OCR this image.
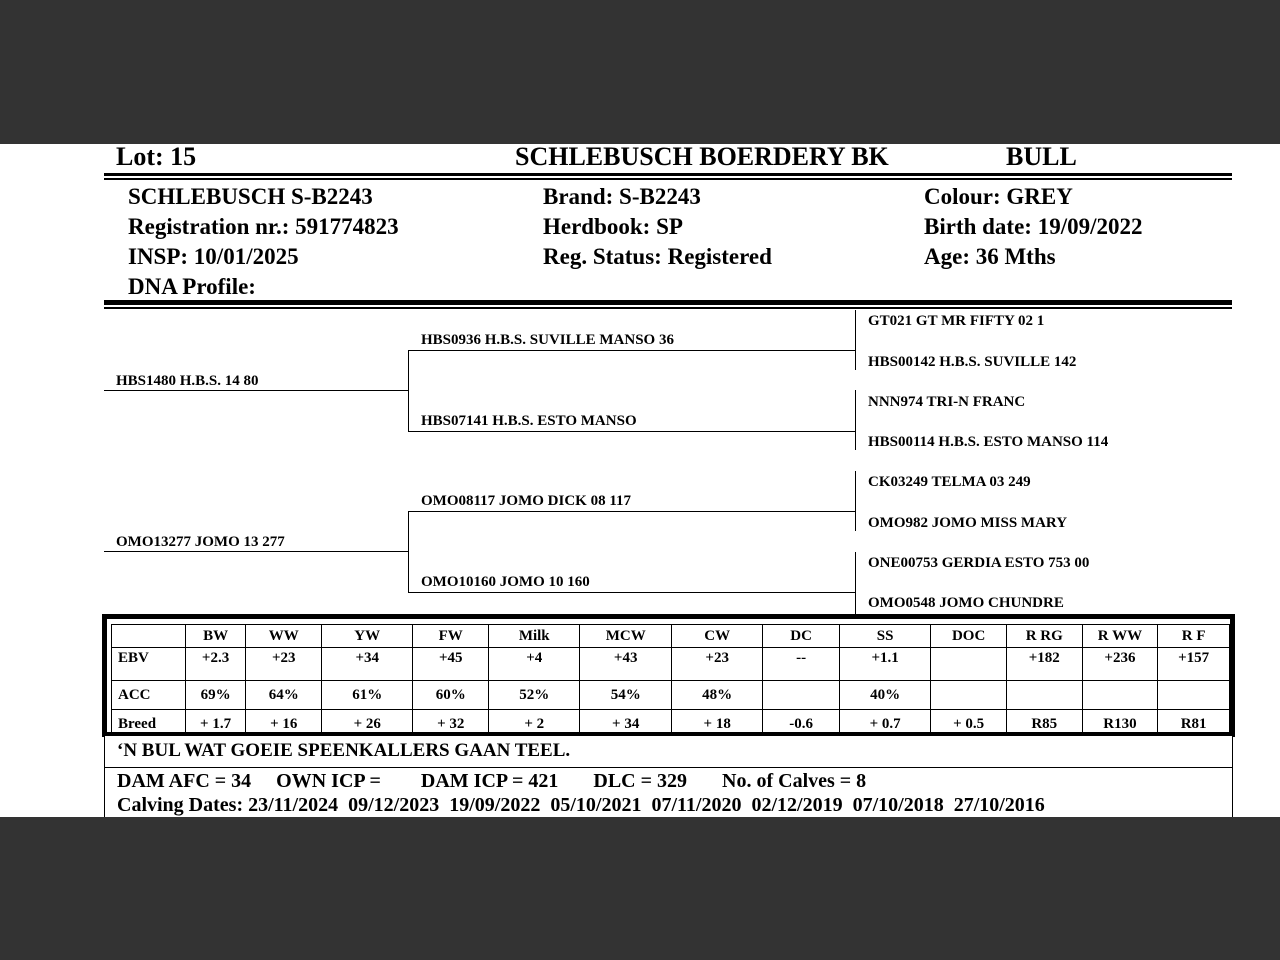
Lot: 15	SCHLEBUSCH BOERDERY BK	BULL
SCHLEBUSCH S-B2243
Registration nr.: 591774823
INSP: 10/01/2025
DNA Profile:
Brand: S-B2243
Herdbook: SP
Reg. Status: Registered
Colour: GREY
Birth date: 19/09/2022
Age: 36 Mths
HBS1480 H.B.S. 14 80
OMO13277 JOMO 13 277
HBS0936 H.B.S. SUVILLE MANSO 36
HBS07141 H.B.S. ESTO MANSO
OMO08117 JOMO DICK 08 117
OMO10160 JOMO 10 160
GT021 GT MR FIFTY 02 1
HBS00142 H.B.S. SUVILLE 142
NNN974 TRI-N FRANC
HBS00114 H.B.S. ESTO MANSO 114
CK03249 TELMA 03 249
OMO982 JOMO MISS MARY
ONE00753 GERDIA ESTO 753 00
OMO0548 JOMO CHUNDRE
	BW	WW	YW	FW	Milk	MCW	CW	DC	SS	DOC	R RG	R WW	R F
EBV	+2.3	+23	+34	+45	+4	+43	+23	--	+1.1		+182	+236	+157
ACC	69%	64%	61%	60%	52%	54%	48%		40%				
Breed	+ 1.7	+ 16	+ 26	+ 32	+ 2	+ 34	+ 18	-0.6	+ 0.7	+ 0.5	R85	R130	R81
‘N BUL WAT GOEIE SPEENKALLERS GAAN TEEL.
DAM AFC = 34     OWN ICP =        DAM ICP = 421       DLC = 329       No. of Calves = 8
Calving Dates: 23/11/2024  09/12/2023  19/09/2022  05/10/2021  07/11/2020  02/12/2019  07/10/2018  27/10/2016
